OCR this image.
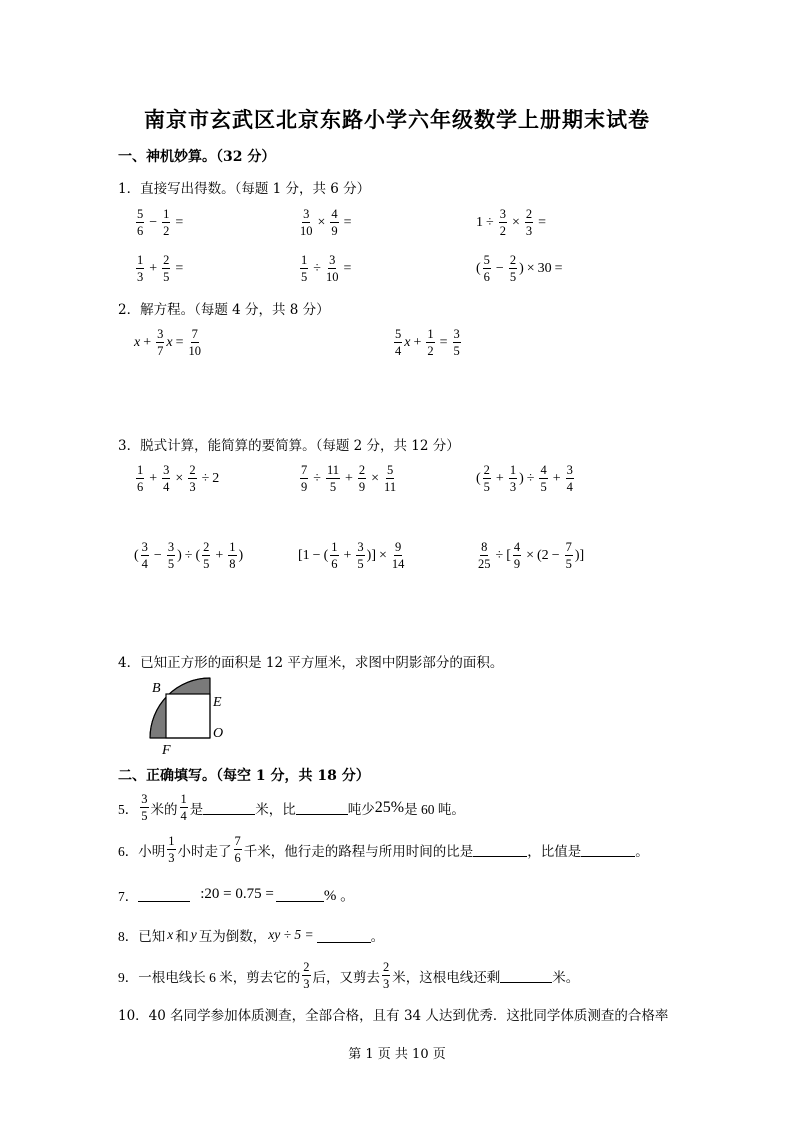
南京市玄武区北京东路小学六年级数学上册期末试卷
一、神机妙算。（32 分）
1．直接写出得数。（每题 1 分，共 6 分）
$\frac{5}{6} - \frac{1}{2}$ =	$\frac{3}{10} \times \frac{4}{9}$ =	$1 \div \frac{3}{2} \times \frac{2}{3}$ =
$\frac{1}{3} + \frac{2}{5}$ =	$\frac{1}{5} \div \frac{3}{10}$ =	( $\frac{5}{6} - \frac{2}{5}$ ) × 30 =
2．解方程。（每题 4 分，共 8 分）
$x + \frac{3}{7}$ $x = \frac{7}{10}$	$\frac{5}{4}$ $x + \frac{1}{2} = \frac{3}{5}$
3．脱式计算，能简算的要简算。（每题 2 分，共 12 分）
$\frac{1}{6} + \frac{3}{4} \times \frac{2}{3} \div 2$	$\frac{7}{9} \div \frac{11}{5} + \frac{2}{9} \times \frac{5}{11}$	( $\frac{2}{5} + \frac{1}{3}$ ) ÷ $\frac{4}{5} + \frac{3}{4}$
( $\frac{3}{4} - \frac{3}{5}$ ) ÷ ( $\frac{2}{5} + \frac{1}{8}$ )	[1 − ( $\frac{1}{6} + \frac{3}{5}$ )] × $\frac{9}{14}$	$\frac{8}{25}$ ÷ [ $\frac{4}{9} \times (2 - \frac{7}{5}$ )]
4．已知正方形的面积是 12 平方厘米，求图中阴影部分的面积。
B
E
O
F
二、正确填写。（每空 1 分，共 18 分）
5． $\frac{3}{5}$ 米的 $\frac{1}{4}$ 是	米，比	吨少 25% 是 60 吨。
6．小明 $\frac{1}{3}$ 小时走了 $\frac{7}{6}$ 千米，他行走的路程与所用时间的比是	，比值是	。
7．	:20 = 0.75 =	% 。
8．已知 x 和 y 互为倒数， xy ÷ 5 =	。
9．一根电线长 6 米，剪去它的 $\frac{2}{3}$ 后，又剪去 $\frac{2}{3}$ 米，这根电线还剩	米。
10．40 名同学参加体质测查，全部合格，且有 34 人达到优秀．这批同学体质测查的合格率
第 1 页 共 10 页
